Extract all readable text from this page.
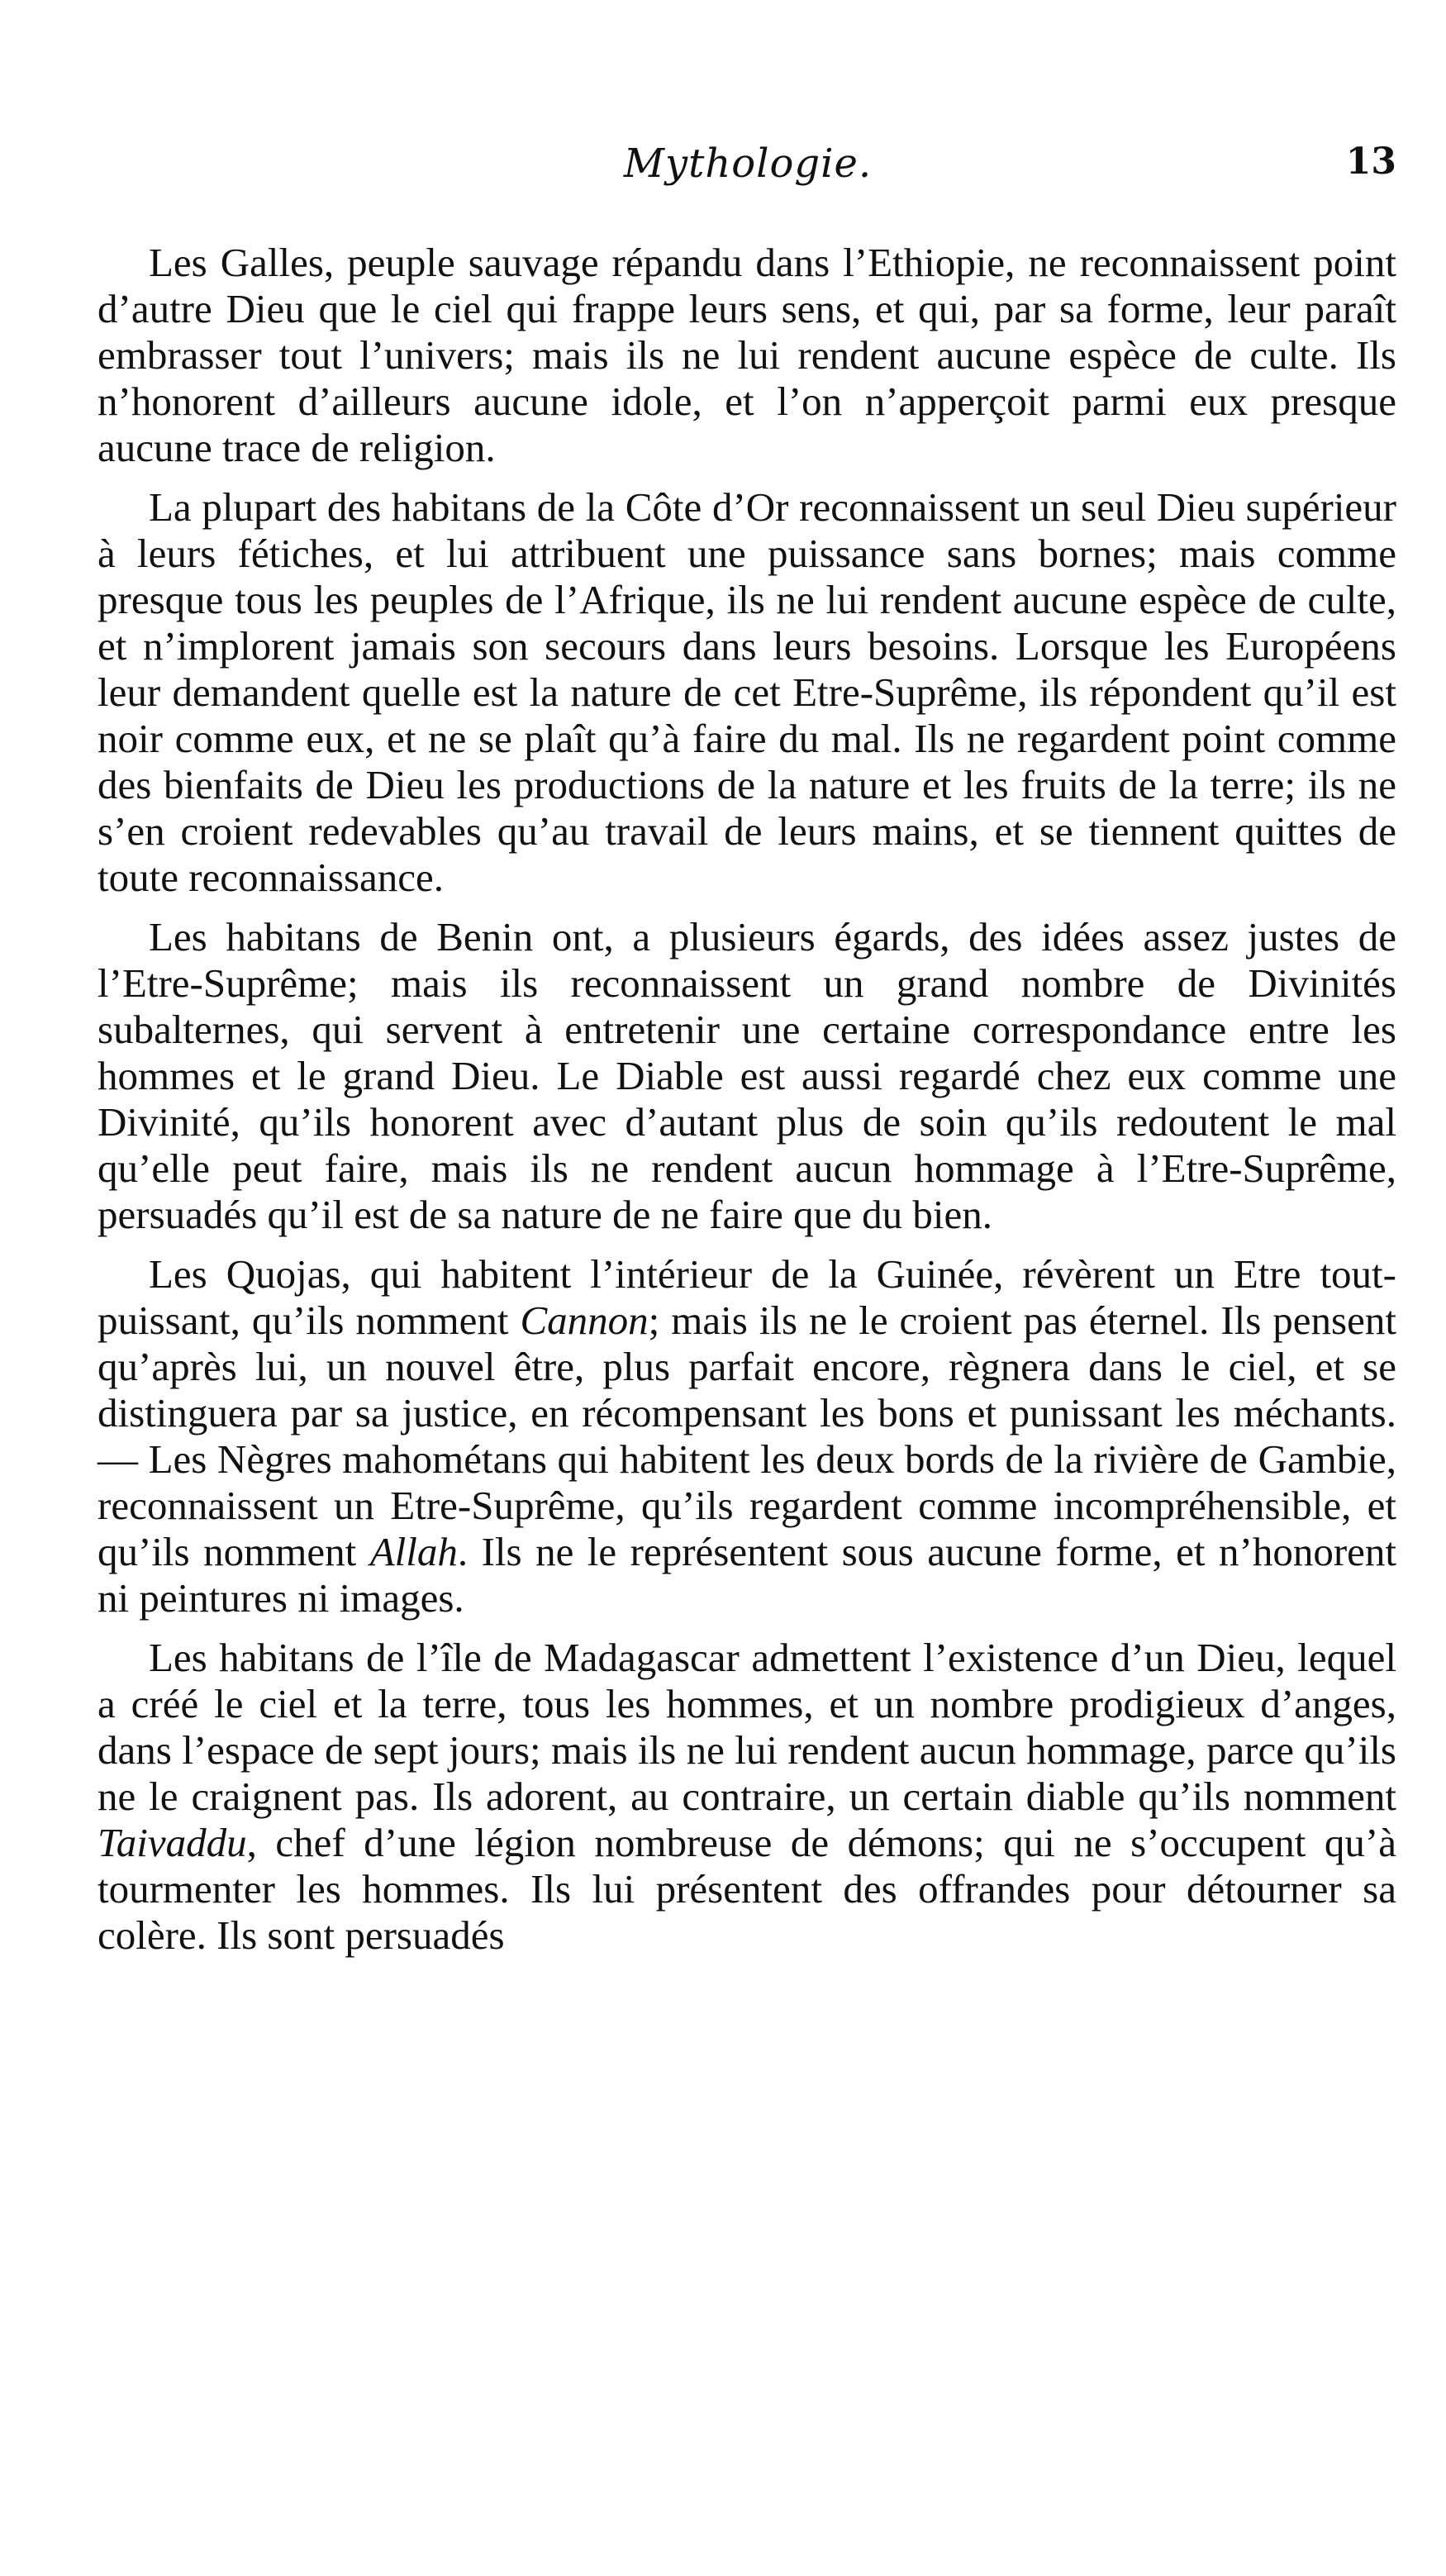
Mythologie.	13

Les Galles, peuple sauvage répandu dans l’Ethiopie, ne reconnaissent point d’autre Dieu que le ciel qui frappe leurs sens, et qui, par sa forme, leur paraît embrasser tout l’univers; mais ils ne lui rendent aucune espèce de culte. Ils n’honorent d’ailleurs aucune idole, et l’on n’apperçoit parmi eux presque aucune trace de religion.

La plupart des habitans de la Côte d’Or reconnaissent un seul Dieu supérieur à leurs fétiches, et lui attribuent une puissance sans bornes; mais comme presque tous les peuples de l’Afrique, ils ne lui rendent aucune espèce de culte, et n’implorent jamais son secours dans leurs besoins. Lorsque les Européens leur demandent quelle est la nature de cet Etre-Suprême, ils répondent qu’il est noir comme eux, et ne se plaît qu’à faire du mal. Ils ne regardent point comme des bienfaits de Dieu les productions de la nature et les fruits de la terre; ils ne s’en croient redevables qu’au travail de leurs mains, et se tiennent quittes de toute reconnaissance.

Les habitans de Benin ont, a plusieurs égards, des idées assez justes de l’Etre-Suprême; mais ils reconnaissent un grand nombre de Divinités subalternes, qui servent à entretenir une certaine correspondance entre les hommes et le grand Dieu. Le Diable est aussi regardé chez eux comme une Divinité, qu’ils honorent avec d’autant plus de soin qu’ils redoutent le mal qu’elle peut faire, mais ils ne rendent aucun hommage à l’Etre-Suprême, persuadés qu’il est de sa nature de ne faire que du bien.

Les Quojas, qui habitent l’intérieur de la Guinée, révèrent un Etre tout-puissant, qu’ils nomment Cannon; mais ils ne le croient pas éternel. Ils pensent qu’après lui, un nouvel être, plus parfait encore, règnera dans le ciel, et se distinguera par sa justice, en récompensant les bons et punissant les méchants.— Les Nègres mahométans qui habitent les deux bords de la rivière de Gambie, reconnaissent un Etre-Suprême, qu’ils regardent comme incompréhensible, et qu’ils nomment Allah. Ils ne le représentent sous aucune forme, et n’honorent ni peintures ni images.

Les habitans de l’île de Madagascar admettent l’existence d’un Dieu, lequel a créé le ciel et la terre, tous les hommes, et un nombre prodigieux d’anges, dans l’espace de sept jours; mais ils ne lui rendent aucun hommage, parce qu’ils ne le craignent pas. Ils adorent, au contraire, un certain diable qu’ils nomment Taivaddu, chef d’une légion nombreuse de démons; qui ne s’occupent qu’à tourmenter les hommes. Ils lui présentent des offrandes pour détourner sa colère. Ils sont persuadés
